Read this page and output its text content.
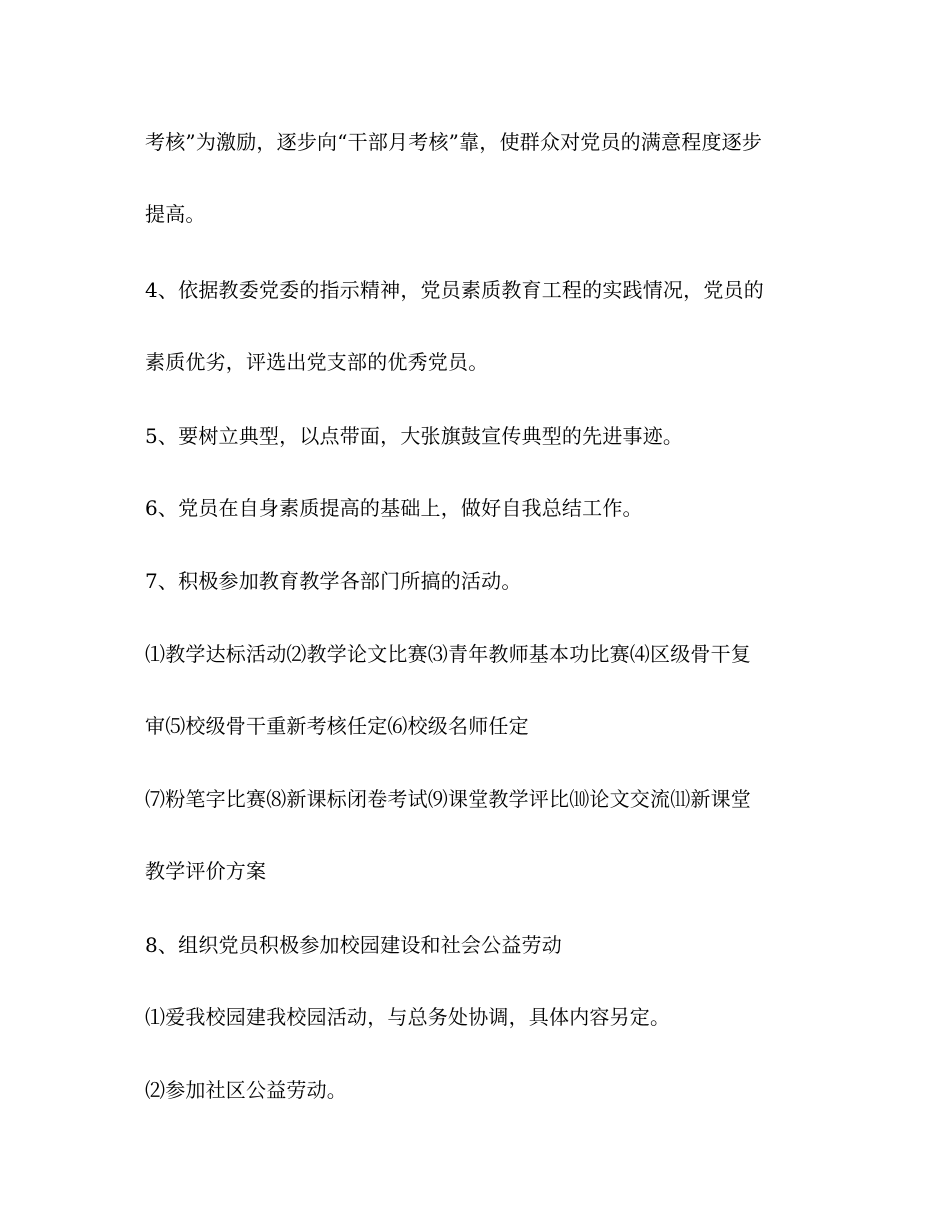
考核”为激励，逐步向“干部月考核”靠，使群众对党员的满意程度逐步

提高。

4、依据教委党委的指示精神，党员素质教育工程的实践情况，党员的

素质优劣，评选出党支部的优秀党员。

5、要树立典型，以点带面，大张旗鼓宣传典型的先进事迹。

6、党员在自身素质提高的基础上，做好自我总结工作。

7、积极参加教育教学各部门所搞的活动。

⑴教学达标活动⑵教学论文比赛⑶青年教师基本功比赛⑷区级骨干复

审⑸校级骨干重新考核任定⑹校级名师任定

⑺粉笔字比赛⑻新课标闭卷考试⑼课堂教学评比⑽论文交流⑾新课堂

教学评价方案

8、组织党员积极参加校园建设和社会公益劳动

⑴爱我校园建我校园活动，与总务处协调，具体内容另定。

⑵参加社区公益劳动。
